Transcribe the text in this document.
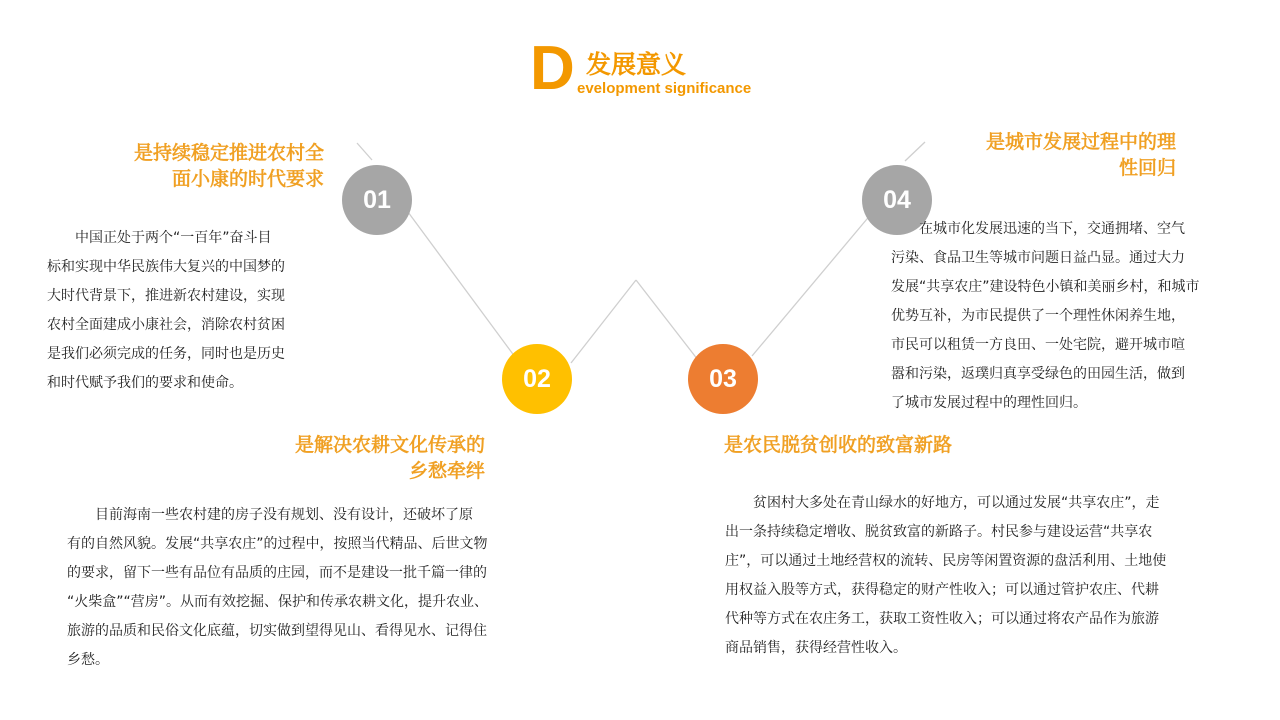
D 发展意义
evelopment significance
01
02	03
04
是持续稳定推进农村全
面小康的时代要求
　　中国正处于两个“一百年”奋斗目
标和实现中华民族伟大复兴的中国梦的
大时代背景下，推进新农村建设，实现
农村全面建成小康社会，消除农村贫困
是我们必须完成的任务，同时也是历史
和时代赋予我们的要求和使命。
是解决农耕文化传承的
乡愁牵绊
　　目前海南一些农村建的房子没有规划、没有设计，还破坏了原
有的自然风貌。发展“共享农庄”的过程中，按照当代精品、后世文物
的要求，留下一些有品位有品质的庄园，而不是建设一批千篇一律的
“火柴盒”“营房”。从而有效挖掘、保护和传承农耕文化，提升农业、
旅游的品质和民俗文化底蕴，切实做到望得见山、看得见水、记得住
乡愁。
是农民脱贫创收的致富新路
　　贫困村大多处在青山绿水的好地方，可以通过发展“共享农庄”，走
出一条持续稳定增收、脱贫致富的新路子。村民参与建设运营“共享农
庄”，可以通过土地经营权的流转、民房等闲置资源的盘活利用、土地使
用权益入股等方式，获得稳定的财产性收入；可以通过管护农庄、代耕
代种等方式在农庄务工，获取工资性收入；可以通过将农产品作为旅游
商品销售，获得经营性收入。
是城市发展过程中的理
性回归
　　在城市化发展迅速的当下，交通拥堵、空气
污染、食品卫生等城市问题日益凸显。通过大力
发展“共享农庄”建设特色小镇和美丽乡村，和城市
优势互补，为市民提供了一个理性休闲养生地，
市民可以租赁一方良田、一处宅院，避开城市喧
嚣和污染，返璞归真享受绿色的田园生活，做到
了城市发展过程中的理性回归。
